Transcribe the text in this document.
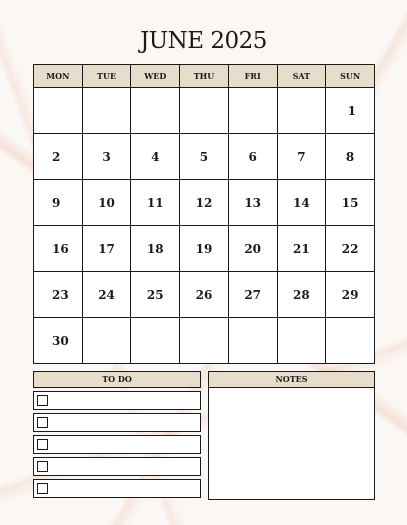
JUNE 2025
MON	TUE	WED	THU	FRI	SAT	SUN
						1
2	3	4	5	6	7	8
9	10	11	12	13	14	15
16	17	18	19	20	21	22
23	24	25	26	27	28	29
30						
TO DO	NOTES
